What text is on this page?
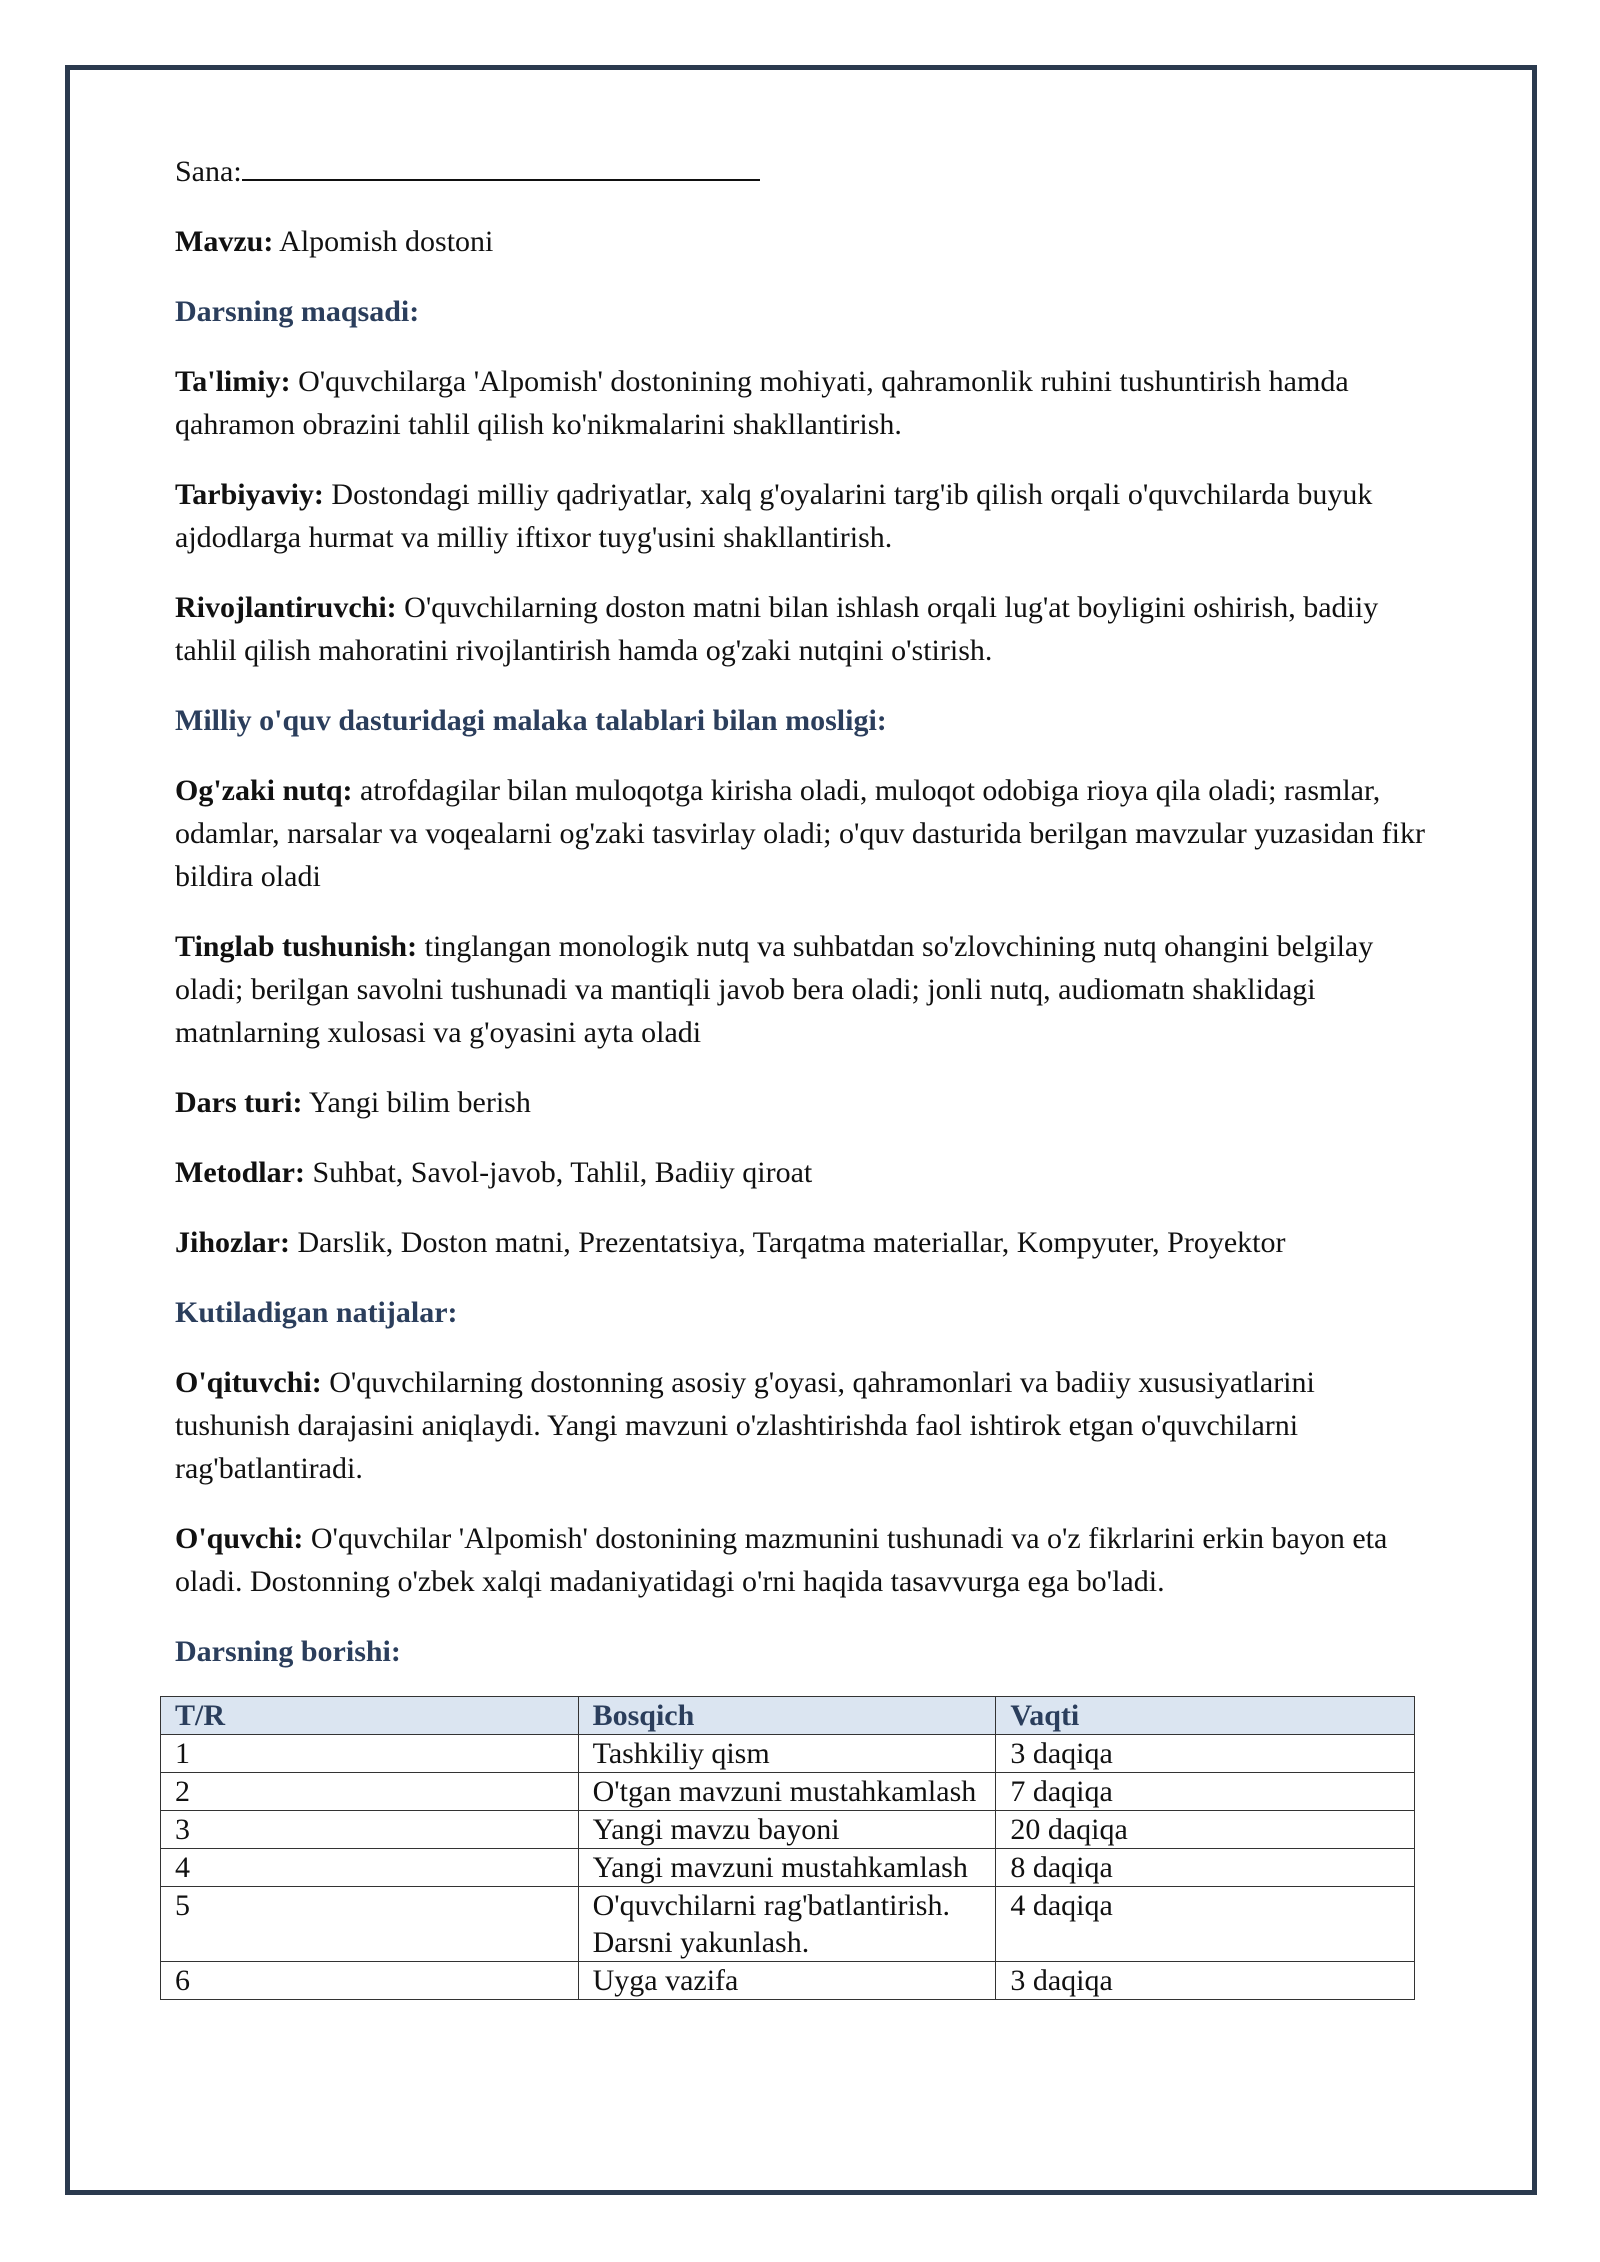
Sana:

Mavzu: Alpomish dostoni

Darsning maqsadi:

Ta'limiy: O'quvchilarga 'Alpomish' dostonining mohiyati, qahramonlik ruhini tushuntirish hamda qahramon obrazini tahlil qilish ko'nikmalarini shakllantirish.

Tarbiyaviy: Dostondagi milliy qadriyatlar, xalq g'oyalarini targ'ib qilish orqali o'quvchilarda buyuk ajdodlarga hurmat va milliy iftixor tuyg'usini shakllantirish.

Rivojlantiruvchi: O'quvchilarning doston matni bilan ishlash orqali lug'at boyligini oshirish, badiiy tahlil qilish mahoratini rivojlantirish hamda og'zaki nutqini o'stirish.

Milliy o'quv dasturidagi malaka talablari bilan mosligi:

Og'zaki nutq: atrofdagilar bilan muloqotga kirisha oladi, muloqot odobiga rioya qila oladi; rasmlar, odamlar, narsalar va voqealarni og'zaki tasvirlay oladi; o'quv dasturida berilgan mavzular yuzasidan fikr bildira oladi

Tinglab tushunish: tinglangan monologik nutq va suhbatdan so'zlovchining nutq ohangini belgilay oladi; berilgan savolni tushunadi va mantiqli javob bera oladi; jonli nutq, audiomatn shaklidagi matnlarning xulosasi va g'oyasini ayta oladi

Dars turi: Yangi bilim berish

Metodlar: Suhbat, Savol-javob, Tahlil, Badiiy qiroat

Jihozlar: Darslik, Doston matni, Prezentatsiya, Tarqatma materiallar, Kompyuter, Proyektor

Kutiladigan natijalar:

O'qituvchi: O'quvchilarning dostonning asosiy g'oyasi, qahramonlari va badiiy xususiyatlarini tushunish darajasini aniqlaydi. Yangi mavzuni o'zlashtirishda faol ishtirok etgan o'quvchilarni rag'batlantiradi.

O'quvchi: O'quvchilar 'Alpomish' dostonining mazmunini tushunadi va o'z fikrlarini erkin bayon eta oladi. Dostonning o'zbek xalqi madaniyatidagi o'rni haqida tasavvurga ega bo'ladi.

Darsning borishi:

T/R	Bosqich	Vaqti
1	Tashkiliy qism	3 daqiqa
2	O'tgan mavzuni mustahkamlash	7 daqiqa
3	Yangi mavzu bayoni	20 daqiqa
4	Yangi mavzuni mustahkamlash	8 daqiqa
5	O'quvchilarni rag'batlantirish. Darsni yakunlash.	4 daqiqa
6	Uyga vazifa	3 daqiqa
